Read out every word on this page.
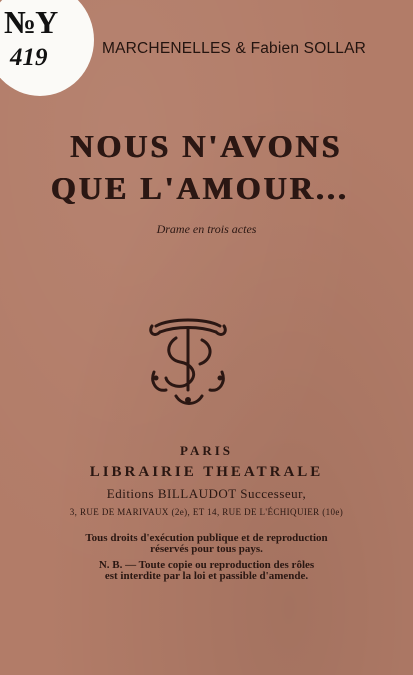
№Y
419	MARCHENELLES & Fabien SOLLAR
NOUS N'AVONS
QUE L'AMOUR...
Drame en trois actes
PARIS
LIBRAIRIE THEATRALE
Editions BILLAUDOT Successeur,
3, RUE DE MARIVAUX (2e), ET 14, RUE DE L'ÉCHIQUIER (10e)
Tous droits d'exécution publique et de reproduction
réservés pour tous pays.
N. B. — Toute copie ou reproduction des rôles
est interdite par la loi et passible d'amende.
